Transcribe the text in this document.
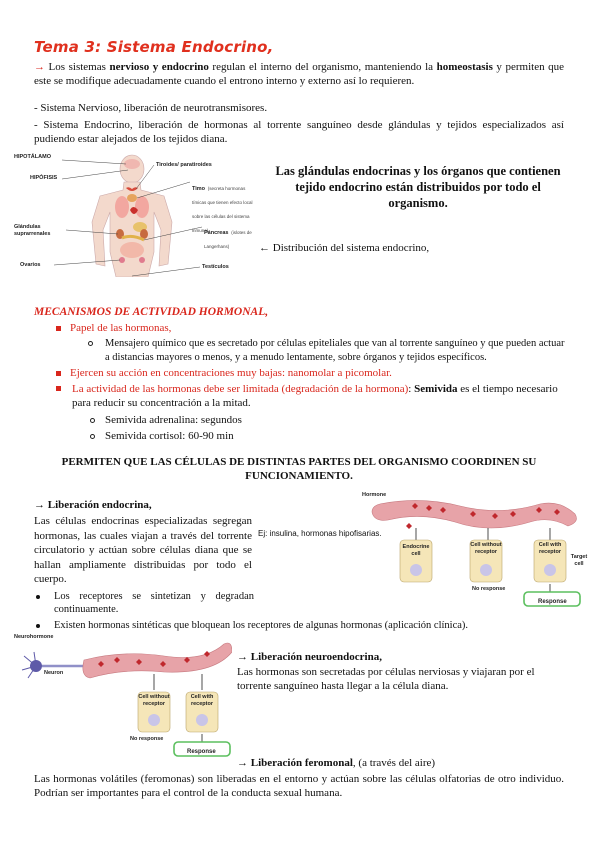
Tema 3: Sistema Endocrino,
→ Los sistemas nervioso y endocrino regulan el interno del organismo, manteniendo la homeostasis y permiten que este se modifique adecuadamente cuando el entrono interno y externo así lo requieren.
- Sistema Nervioso, liberación de neurotransmisores.
- Sistema Endocrino, liberación de hormonas al torrente sanguíneo desde glándulas y tejidos especializados así pudiendo estar alejados de los tejidos diana.
HIPOTÁLAMO
HIPÓFISIS
Glándulas suprarrenales
Ovarios
Tiroides/ paratiroides
Timo (secreta hormonas tímicas que tienen efecto local sobre las células del sistema inmune)
Páncreas (islotes de Langerhans)
Testículos
Las glándulas endocrinas y los órganos que contienen tejido endocrino están distribuidos por todo el organismo.
← Distribución del sistema endocrino,
MECANISMOS DE ACTIVIDAD HORMONAL,
Papel de las hormonas,
Mensajero químico que es secretado por células epiteliales que van al torrente sanguíneo y que pueden actuar a distancias mayores o menos, y a menudo lentamente, sobre órganos y tejidos específicos.
Ejercen su acción en concentraciones muy bajas: nanomolar a picomolar.
La actividad de las hormonas debe ser limitada (degradación de la hormona): Semivida es el tiempo necesario para reducir su concentración a la mitad.
Semivida adrenalina: segundos
Semivida cortisol: 60-90 min
PERMITEN QUE LAS CÉLULAS DE DISTINTAS PARTES DEL ORGANISMO COORDINEN SU FUNCIONAMIENTO.
→ Liberación endocrina,
Las células endocrinas especializadas segregan hormonas, las cuales viajan a través del torrente circulatorio y actúan sobre células diana que se hallan ampliamente distribuidas por todo el cuerpo.
Los receptores se sintetizan y degradan continuamente.
Existen hormonas sintéticas que bloquean los receptores de algunas hormonas (aplicación clínica).
Ej: insulina, hormonas hipofisarias.
Hormone
Endocrine cell
Cell without receptor
Cell with receptor
Target cell
No response
Response
Neurohormone
Neuron
Cell without receptor
Cell with receptor
No response
Response
→ Liberación neuroendocrina,
Las hormonas son secretadas por células nerviosas y viajaran por el torrente sanguíneo hasta llegar a la célula diana.
→ Liberación feromonal, (a través del aire)
Las hormonas volátiles (feromonas) son liberadas en el entorno y actúan sobre las células olfatorias de otro individuo. Podrían ser importantes para el control de la conducta sexual humana.
